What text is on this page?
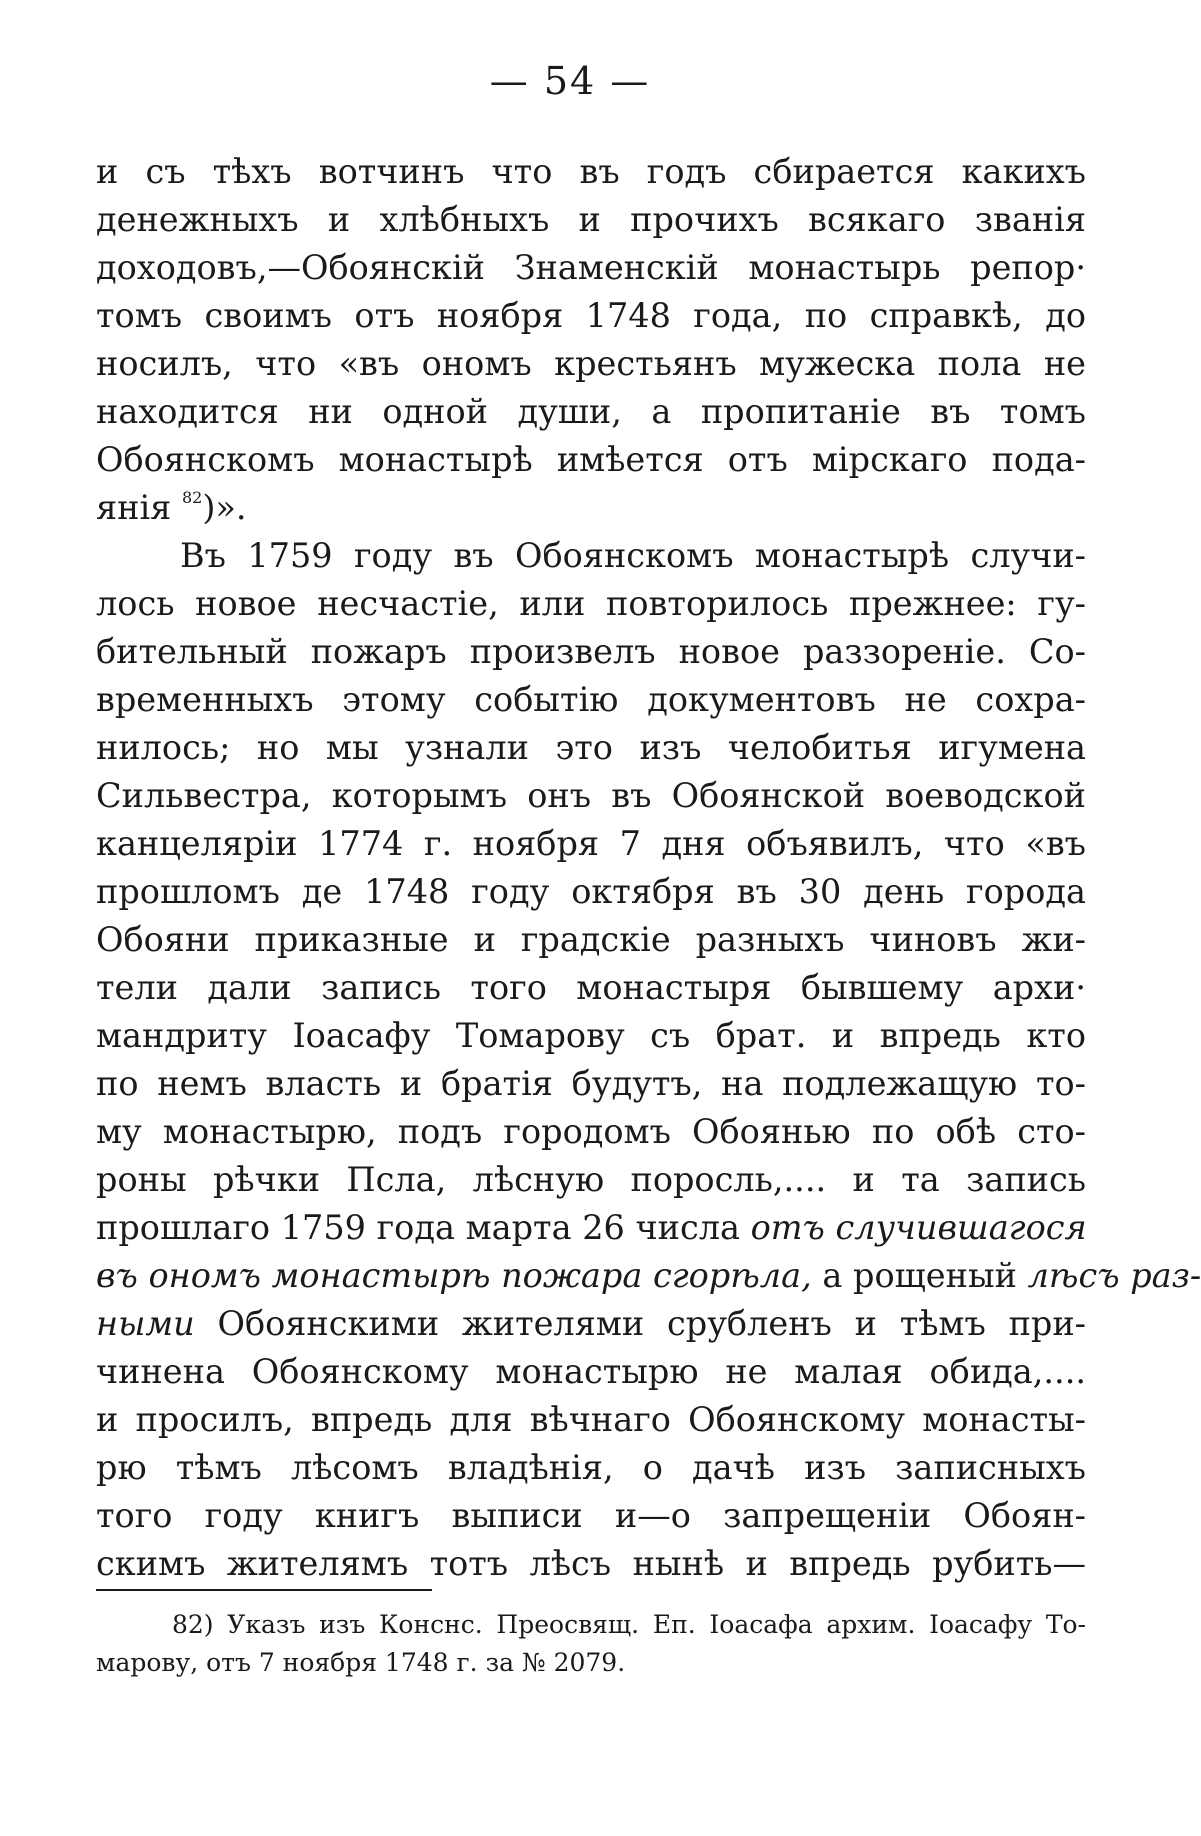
— 54 —
и съ тѣхъ вотчинъ что въ годъ сбирается какихъ
денежныхъ и хлѣбныхъ и прочихъ всякаго званія
доходовъ,—Обоянскій Знаменскій монастырь репор·
томъ своимъ отъ ноября 1748 года, по справкѣ, до
носилъ, что «въ ономъ крестьянъ мужеска пола не
находится ни одной души, а пропитаніе въ томъ
Обоянскомъ монастырѣ имѣется отъ мірскаго пода-
янія $^{82}$)».
Въ 1759 году въ Обоянскомъ монастырѣ случи-
лось новое несчастіе, или повторилось прежнее: гу-
бительный пожаръ произвелъ новое раззореніе. Со-
временныхъ этому событію документовъ не сохра-
нилось; но мы узнали это изъ челобитья игумена
Сильвестра, которымъ онъ въ Обоянской воеводской
канцеляріи 1774 г. ноября 7 дня объявилъ, что «въ
прошломъ де 1748 году октября въ 30 день города
Обояни приказные и градскіе разныхъ чиновъ жи-
тели дали запись того монастыря бывшему архи·
мандриту Іоасафу Томарову съ брат. и впредь кто
по немъ власть и братія будутъ, на подлежащую то-
му монастырю, подъ городомъ Обоянью по обѣ сто-
роны рѣчки Псла, лѣсную поросль,.... и та запись
прошлаго 1759 года марта 26 числа отъ случившагося
въ ономъ монастырѣ пожара сгорѣла, а рощеный лѣсъ раз-
ными Обоянскими жителями срубленъ и тѣмъ при-
чинена Обоянскому монастырю не малая обида,....
и просилъ, впредь для вѣчнаго Обоянскому монасты-
рю тѣмъ лѣсомъ владѣнія, о дачѣ изъ записныхъ
того году книгъ выписи и—о запрещеніи Обоян-
скимъ жителямъ тотъ лѣсъ нынѣ и впредь рубить—
82) Указъ изъ Конснс. Преосвящ. Еп. Іоасафа архим. Іоасафу То-
марову, отъ 7 ноября 1748 г. за № 2079.
